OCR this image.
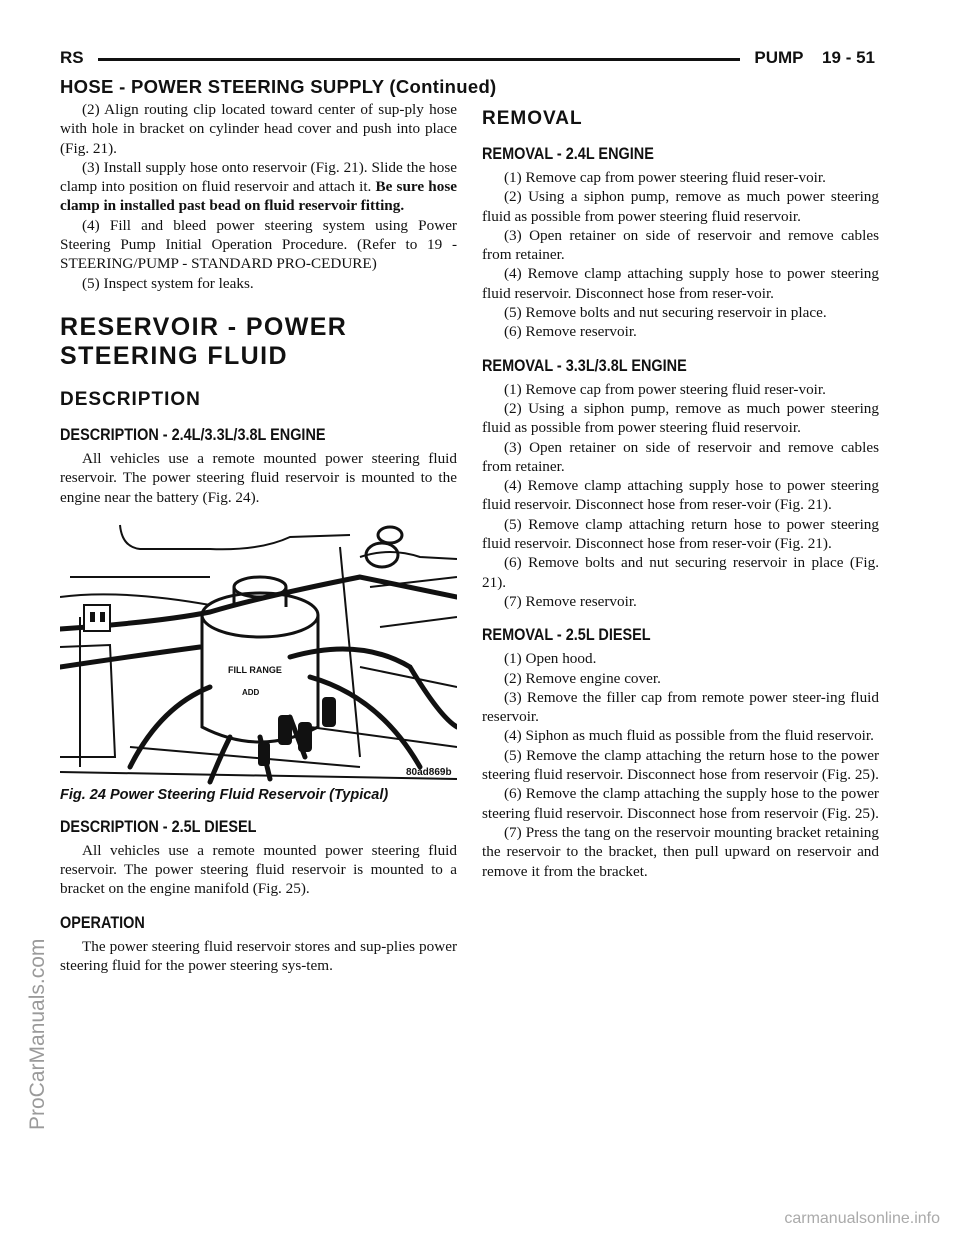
RS	PUMP    19 - 51
HOSE - POWER STEERING SUPPLY (Continued)

(2) Align routing clip located toward center of sup-ply hose with hole in bracket on cylinder head cover and push into place (Fig. 21).

(3) Install supply hose onto reservoir (Fig. 21). Slide the hose clamp into position on fluid reservoir and attach it. Be sure hose clamp in installed past bead on fluid reservoir fitting.

(4) Fill and bleed power steering system using Power Steering Pump Initial Operation Procedure. (Refer to 19 - STEERING/PUMP - STANDARD PRO-CEDURE)

(5) Inspect system for leaks.

RESERVOIR - POWER
STEERING FLUID
DESCRIPTION
DESCRIPTION - 2.4L/3.3L/3.8L ENGINE

All vehicles use a remote mounted power steering fluid reservoir. The power steering fluid reservoir is mounted to the engine near the battery (Fig. 24).

FILL RANGE
ADD
80ad869b
Fig. 24 Power Steering Fluid Reservoir (Typical)
DESCRIPTION - 2.5L DIESEL

All vehicles use a remote mounted power steering fluid reservoir. The power steering fluid reservoir is mounted to a bracket on the engine manifold (Fig. 25).

OPERATION

The power steering fluid reservoir stores and sup-plies power steering fluid for the power steering sys-tem.

REMOVAL
REMOVAL - 2.4L ENGINE

(1) Remove cap from power steering fluid reser-voir.

(2) Using a siphon pump, remove as much power steering fluid as possible from power steering fluid reservoir.

(3) Open retainer on side of reservoir and remove cables from retainer.

(4) Remove clamp attaching supply hose to power steering fluid reservoir. Disconnect hose from reser-voir.

(5) Remove bolts and nut securing reservoir in place.

(6) Remove reservoir.

REMOVAL - 3.3L/3.8L ENGINE

(1) Remove cap from power steering fluid reser-voir.

(2) Using a siphon pump, remove as much power steering fluid as possible from power steering fluid reservoir.

(3) Open retainer on side of reservoir and remove cables from retainer.

(4) Remove clamp attaching supply hose to power steering fluid reservoir. Disconnect hose from reser-voir (Fig. 21).

(5) Remove clamp attaching return hose to power steering fluid reservoir. Disconnect hose from reser-voir (Fig. 21).

(6) Remove bolts and nut securing reservoir in place (Fig. 21).

(7) Remove reservoir.

REMOVAL - 2.5L DIESEL

(1) Open hood.

(2) Remove engine cover.

(3) Remove the filler cap from remote power steer-ing fluid reservoir.

(4) Siphon as much fluid as possible from the fluid reservoir.

(5) Remove the clamp attaching the return hose to the power steering fluid reservoir. Disconnect hose from reservoir (Fig. 25).

(6) Remove the clamp attaching the supply hose to the power steering fluid reservoir. Disconnect hose from reservoir (Fig. 25).

(7) Press the tang on the reservoir mounting bracket retaining the reservoir to the bracket, then pull upward on reservoir and remove it from the bracket.

ProCarManuals.com
carmanualsonline.info
